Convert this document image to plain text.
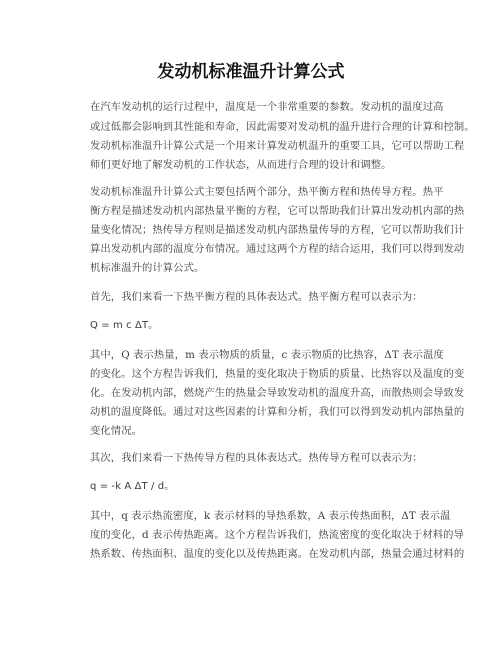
发动机标准温升计算公式
在汽车发动机的运行过程中，温度是一个非常重要的参数。发动机的温度过高
或过低都会影响到其性能和寿命，因此需要对发动机的温升进行合理的计算和控制。
发动机标准温升计算公式是一个用来计算发动机温升的重要工具，它可以帮助工程
师们更好地了解发动机的工作状态，从而进行合理的设计和调整。
发动机标准温升计算公式主要包括两个部分，热平衡方程和热传导方程。热平
衡方程是描述发动机内部热量平衡的方程，它可以帮助我们计算出发动机内部的热
量变化情况；热传导方程则是描述发动机内部热量传导的方程，它可以帮助我们计
算出发动机内部的温度分布情况。通过这两个方程的结合运用，我们可以得到发动
机标准温升的计算公式。
首先，我们来看一下热平衡方程的具体表达式。热平衡方程可以表示为：
Q = m c ΔT。
其中，Q 表示热量，m 表示物质的质量，c 表示物质的比热容，ΔT 表示温度
的变化。这个方程告诉我们，热量的变化取决于物质的质量、比热容以及温度的变
化。在发动机内部，燃烧产生的热量会导致发动机的温度升高，而散热则会导致发
动机的温度降低。通过对这些因素的计算和分析，我们可以得到发动机内部热量的
变化情况。
其次，我们来看一下热传导方程的具体表达式。热传导方程可以表示为：
q = -k A ΔT / d。
其中，q 表示热流密度，k 表示材料的导热系数，A 表示传热面积，ΔT 表示温
度的变化，d 表示传热距离。这个方程告诉我们，热流密度的变化取决于材料的导
热系数、传热面积、温度的变化以及传热距离。在发动机内部，热量会通过材料的
